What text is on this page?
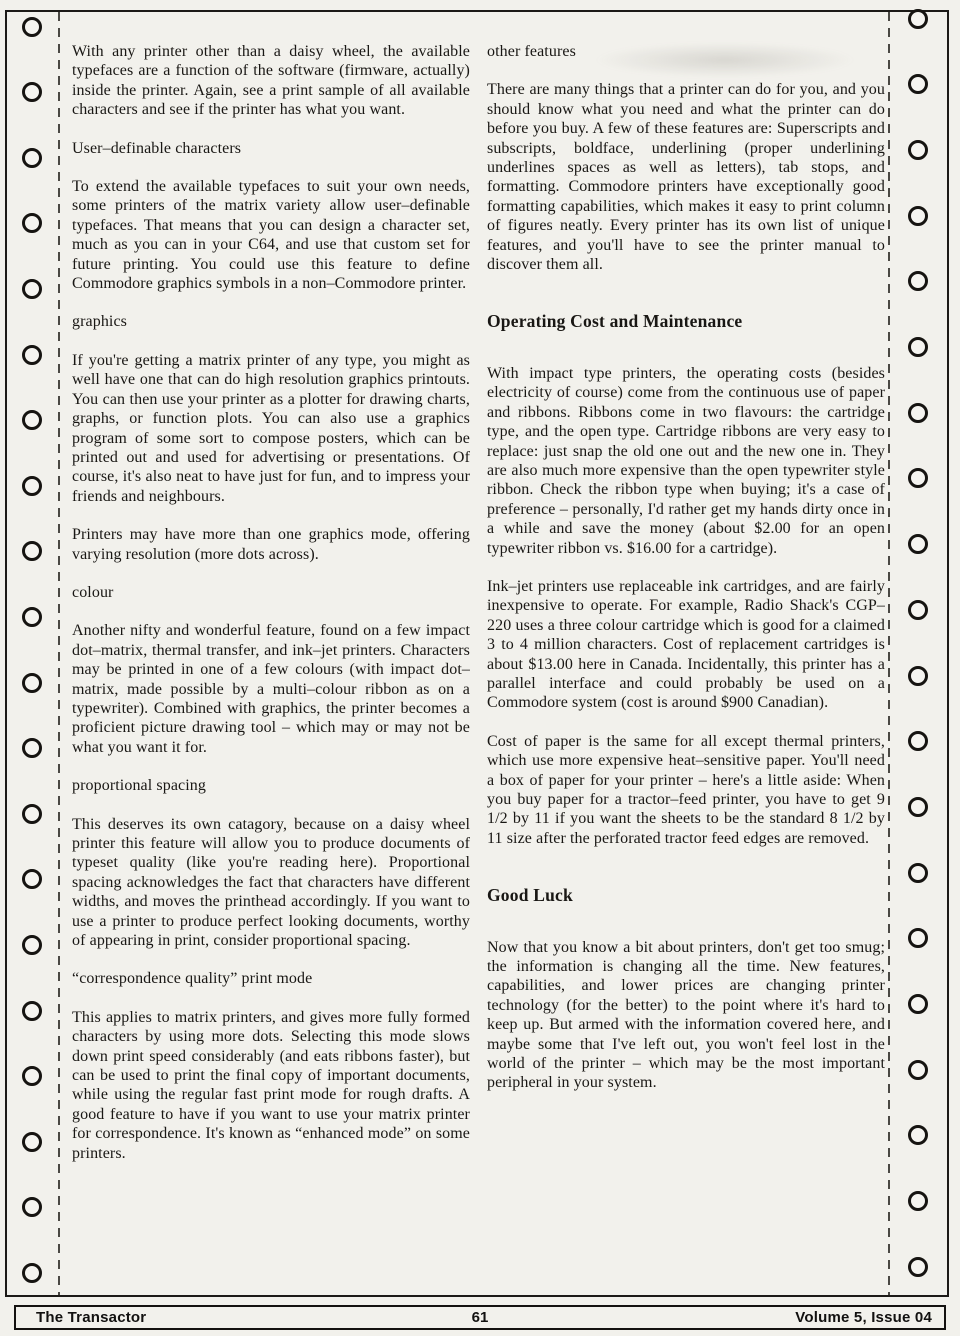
With any printer other than a daisy wheel, the available typefaces are a function of the software (firmware, actually) inside the printer. Again, see a print sample of all available characters and see if the printer has what you want.
User–definable characters
To extend the available typefaces to suit your own needs, some printers of the matrix variety allow user–definable typefaces. That means that you can design a character set, much as you can in your C64, and use that custom set for future printing. You could use this feature to define Commodore graphics symbols in a non–Commodore printer.
graphics
If you're getting a matrix printer of any type, you might as well have one that can do high resolution graphics printouts. You can then use your printer as a plotter for drawing charts, graphs, or function plots. You can also use a graphics program of some sort to compose posters, which can be printed out and used for advertising or presentations. Of course, it's also neat to have just for fun, and to impress your friends and neighbours.
Printers may have more than one graphics mode, offering varying resolution (more dots across).
colour
Another nifty and wonderful feature, found on a few impact dot–matrix, thermal transfer, and ink–jet printers. Characters may be printed in one of a few colours (with impact dot–matrix, made possible by a multi–colour ribbon as on a typewriter). Combined with graphics, the printer becomes a proficient picture drawing tool – which may or may not be what you want it for.
proportional spacing
This deserves its own catagory, because on a daisy wheel printer this feature will allow you to produce documents of typeset quality (like you're reading here). Proportional spacing acknowledges the fact that characters have different widths, and moves the printhead accordingly. If you want to use a printer to produce perfect looking documents, worthy of appearing in print, consider proportional spacing.
“correspondence quality” print mode
This applies to matrix printers, and gives more fully formed characters by using more dots. Selecting this mode slows down print speed considerably (and eats ribbons faster), but can be used to print the final copy of important documents, while using the regular fast print mode for rough drafts. A good feature to have if you want to use your matrix printer for correspondence. It's known as “enhanced mode” on some printers.
other features
There are many things that a printer can do for you, and you should know what you need and what the printer can do before you buy. A few of these features are: Superscripts and subscripts, boldface, underlining (proper underlining underlines spaces as well as letters), tab stops, and formatting. Commodore printers have exceptionally good formatting capabilities, which makes it easy to print column of figures neatly. Every printer has its own list of unique features, and you'll have to see the printer manual to discover them all.
Operating Cost and Maintenance
With impact type printers, the operating costs (besides electricity of course) come from the continuous use of paper and ribbons. Ribbons come in two flavours: the cartridge type, and the open type. Cartridge ribbons are very easy to replace: just snap the old one out and the new one in. They are also much more expensive than the open typewriter style ribbon. Check the ribbon type when buying; it's a case of preference – personally, I'd rather get my hands dirty once in a while and save the money (about $2.00 for an open typewriter ribbon vs. $16.00 for a cartridge).
Ink–jet printers use replaceable ink cartridges, and are fairly inexpensive to operate. For example, Radio Shack's CGP–220 uses a three colour cartridge which is good for a claimed 3 to 4 million characters. Cost of replacement cartridges is about $13.00 here in Canada. Incidentally, this printer has a parallel interface and could probably be used on a Commodore system (cost is around $900 Canadian).
Cost of paper is the same for all except thermal printers, which use more expensive heat–sensitive paper. You'll need a box of paper for your printer – here's a little aside: When you buy paper for a tractor–feed printer, you have to get 9 1/2 by 11 if you want the sheets to be the standard 8 1/2 by 11 size after the perforated tractor feed edges are removed.
Good Luck
Now that you know a bit about printers, don't get too smug; the information is changing all the time. New features, capabilities, and lower prices are changing printer technology (for the better) to the point where it's hard to keep up. But armed with the information covered here, and maybe some that I've left out, you won't feel lost in the world of the printer – which may be the most important peripheral in your system.
The Transactor	61	Volume 5, Issue 04
